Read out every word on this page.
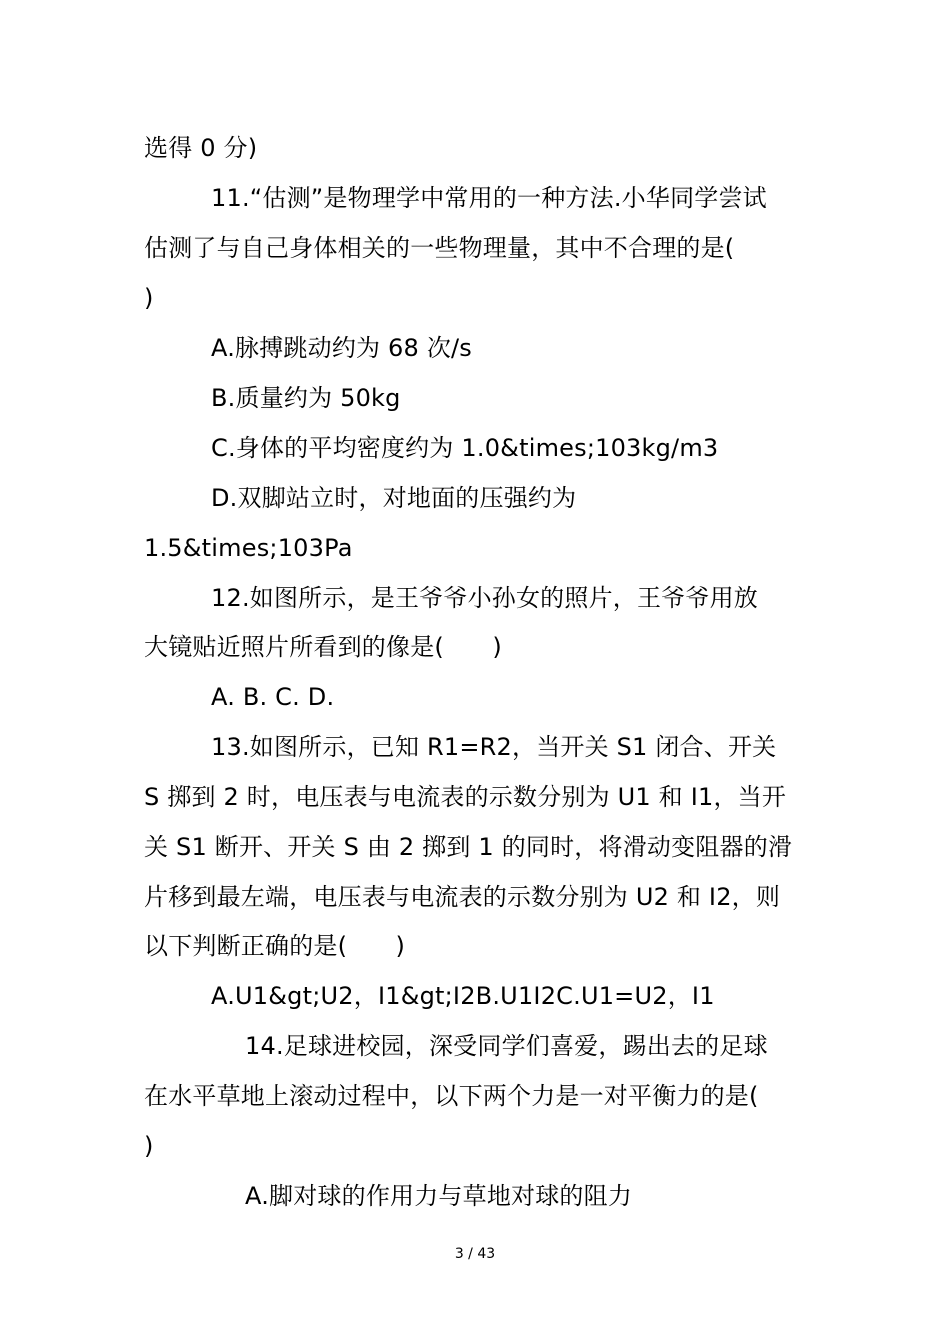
选得 0 分)
11.“估测”是物理学中常用的一种方法.小华同学尝试
估测了与自己身体相关的一些物理量，其中不合理的是(
)
A.脉搏跳动约为 68 次/s
B.质量约为 50kg
C.身体的平均密度约为 1.0&times;103kg/m3
D.双脚站立时，对地面的压强约为
1.5&times;103Pa
12.如图所示，是王爷爷小孙女的照片，王爷爷用放
大镜贴近照片所看到的像是(　　)
A. B. C. D.
13.如图所示，已知 R1=R2，当开关 S1 闭合、开关
S 掷到 2 时，电压表与电流表的示数分别为 U1 和 I1，当开
关 S1 断开、开关 S 由 2 掷到 1 的同时，将滑动变阻器的滑
片移到最左端，电压表与电流表的示数分别为 U2 和 I2，则
以下判断正确的是(　　)
A.U1&gt;U2，I1&gt;I2B.U1I2C.U1=U2，I1
14.足球进校园，深受同学们喜爱，踢出去的足球
在水平草地上滚动过程中，以下两个力是一对平衡力的是(
)
A.脚对球的作用力与草地对球的阻力
3 / 43
